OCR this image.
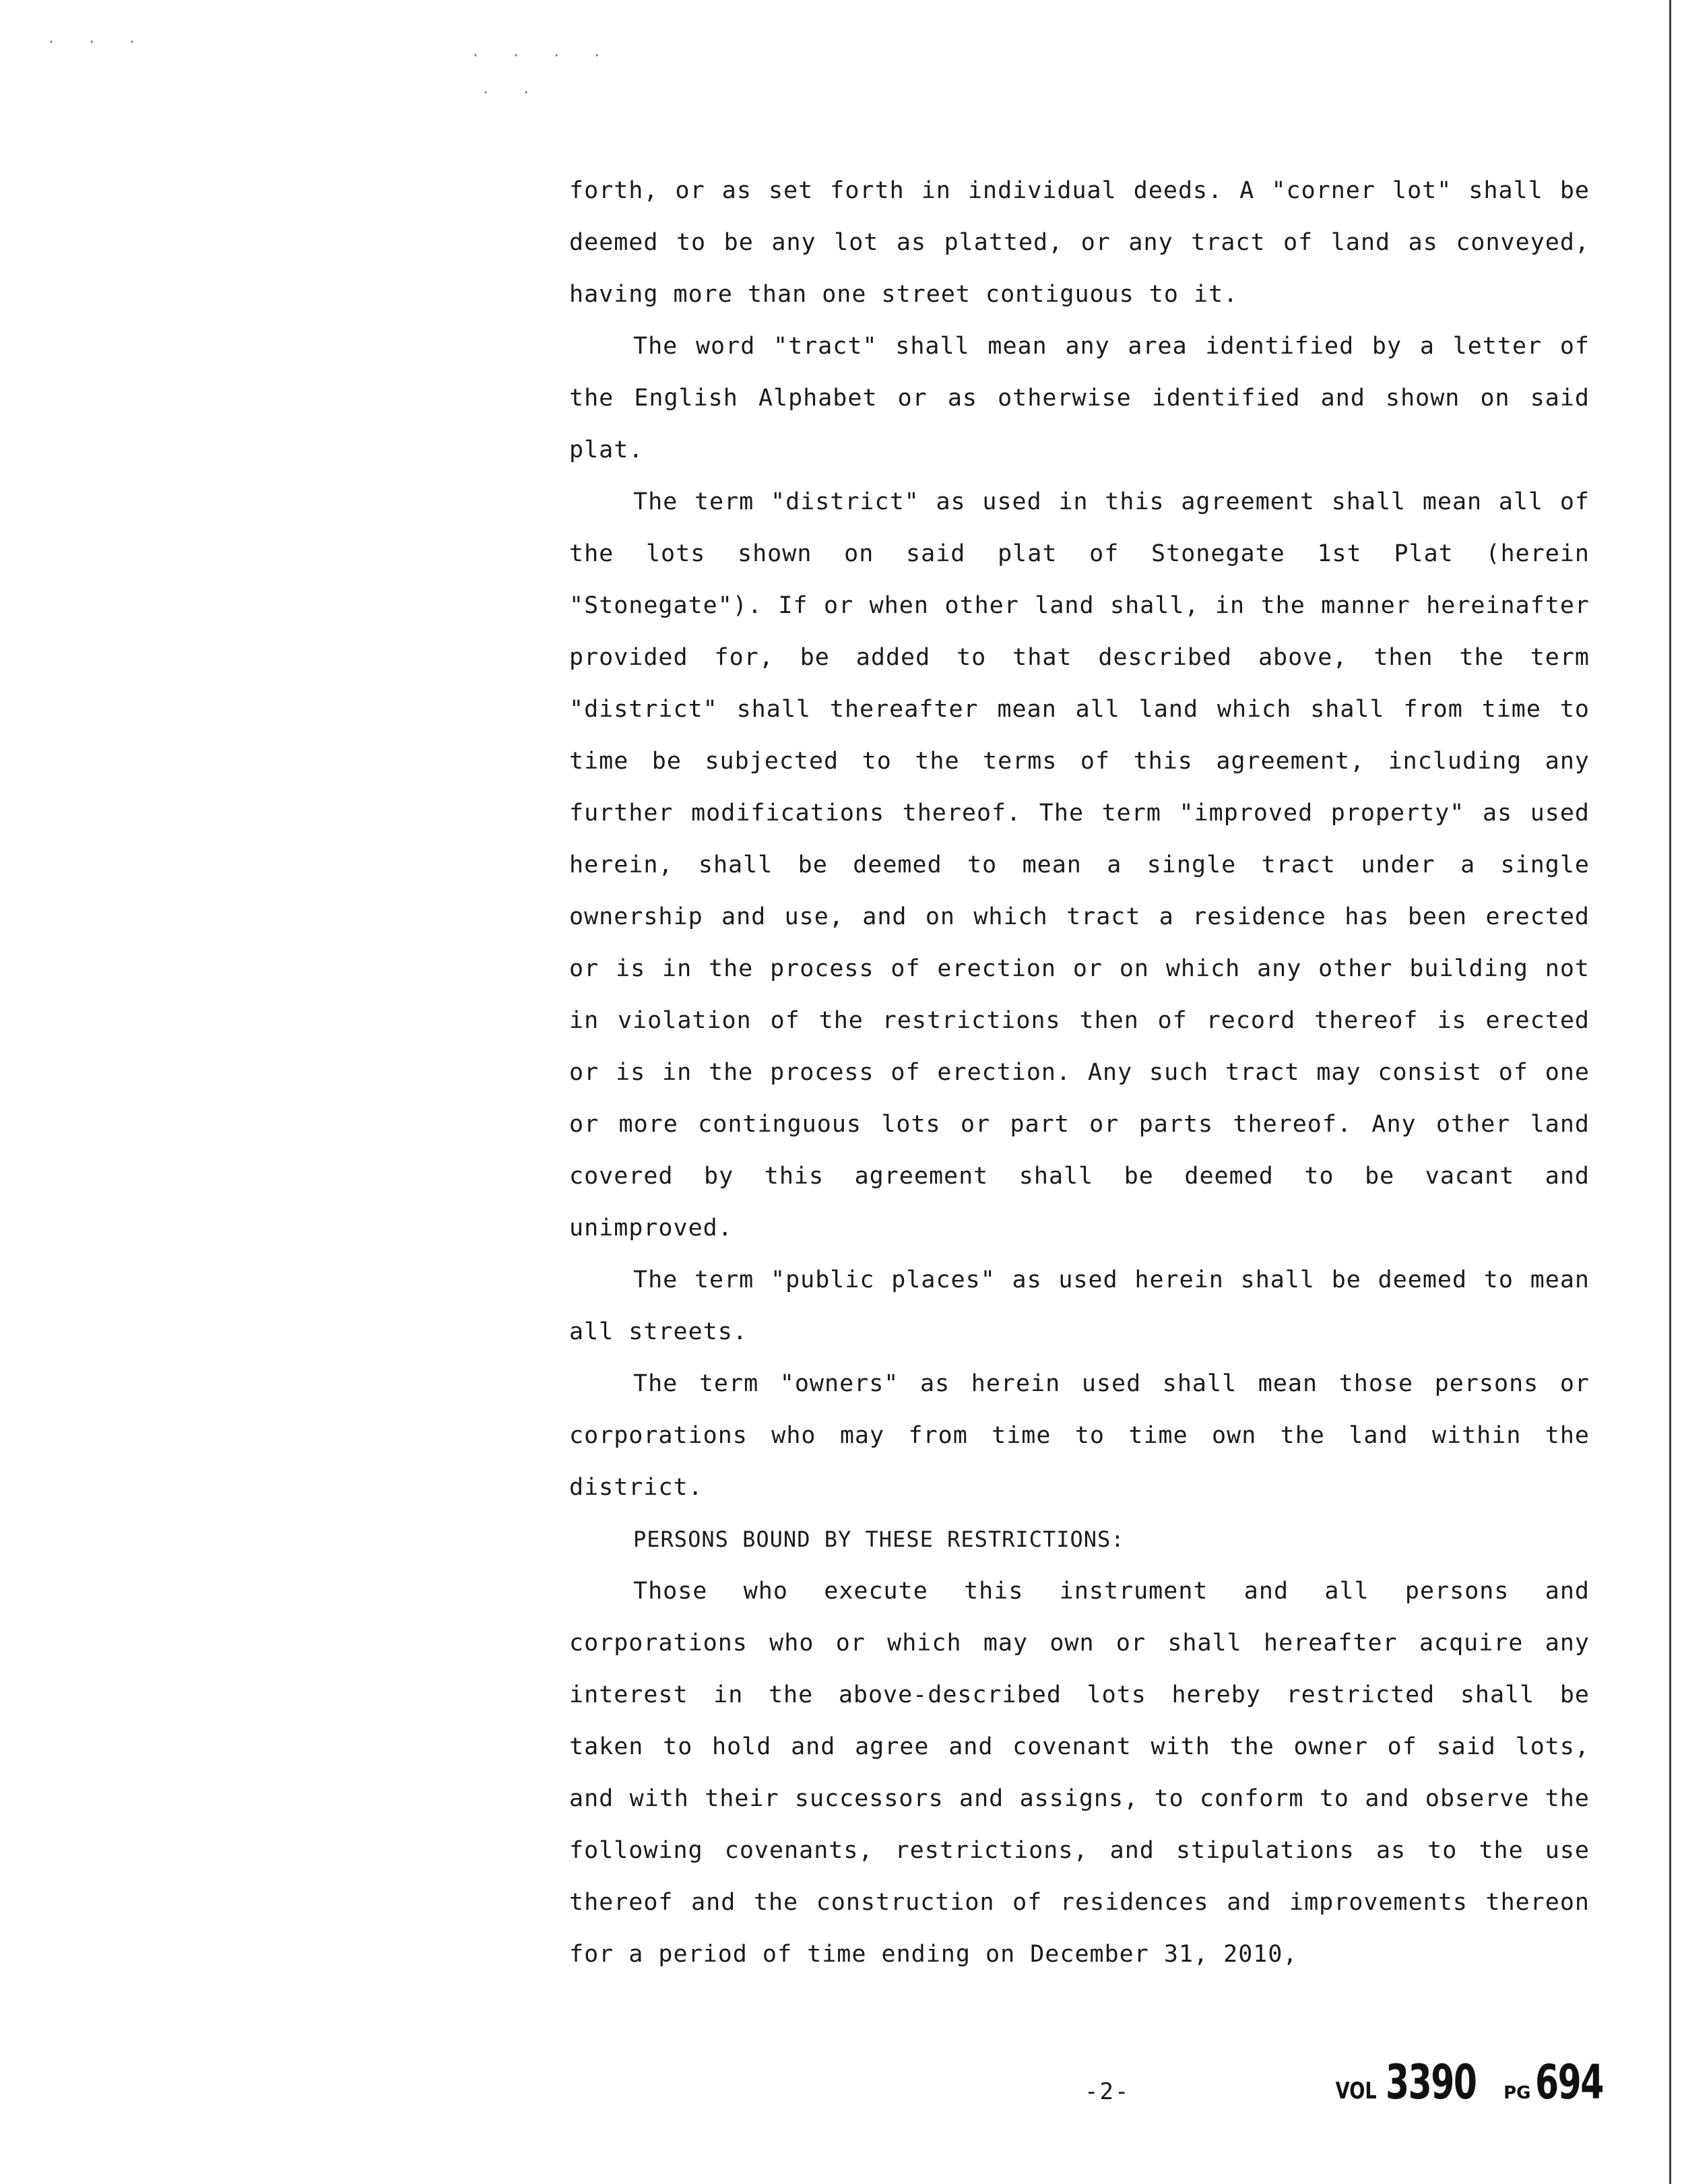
· · ·
· · · ·
· ·

forth, or as set forth in individual deeds. A "corner lot" shall be deemed to be any lot as platted, or any tract of land as conveyed, having more than one street contiguous to it.

The word "tract" shall mean any area identified by a letter of the English Alphabet or as otherwise identified and shown on said plat.

The term "district" as used in this agreement shall mean all of the lots shown on said plat of Stonegate 1st Plat (herein "Stonegate"). If or when other land shall, in the manner hereinafter provided for, be added to that described above, then the term "district" shall thereafter mean all land which shall from time to time be subjected to the terms of this agreement, including any further modifications thereof. The term "improved property" as used herein, shall be deemed to mean a single tract under a single ownership and use, and on which tract a residence has been erected or is in the process of erection or on which any other building not in violation of the restrictions then of record thereof is erected or is in the process of erection. Any such tract may consist of one or more continguous lots or part or parts thereof. Any other land covered by this agreement shall be deemed to be vacant and unimproved.

The term "public places" as used herein shall be deemed to mean all streets.

The term "owners" as herein used shall mean those persons or corporations who may from time to time own the land within the district.

PERSONS BOUND BY THESE RESTRICTIONS:

Those who execute this instrument and all persons and corporations who or which may own or shall hereafter acquire any interest in the above-described lots hereby restricted shall be taken to hold and agree and covenant with the owner of said lots, and with their successors and assigns, to conform to and observe the following covenants, restrictions, and stipulations as to the use thereof and the construction of residences and improvements thereon for a period of time ending on December 31, 2010,

-2-	VOL 3390 PG 694
